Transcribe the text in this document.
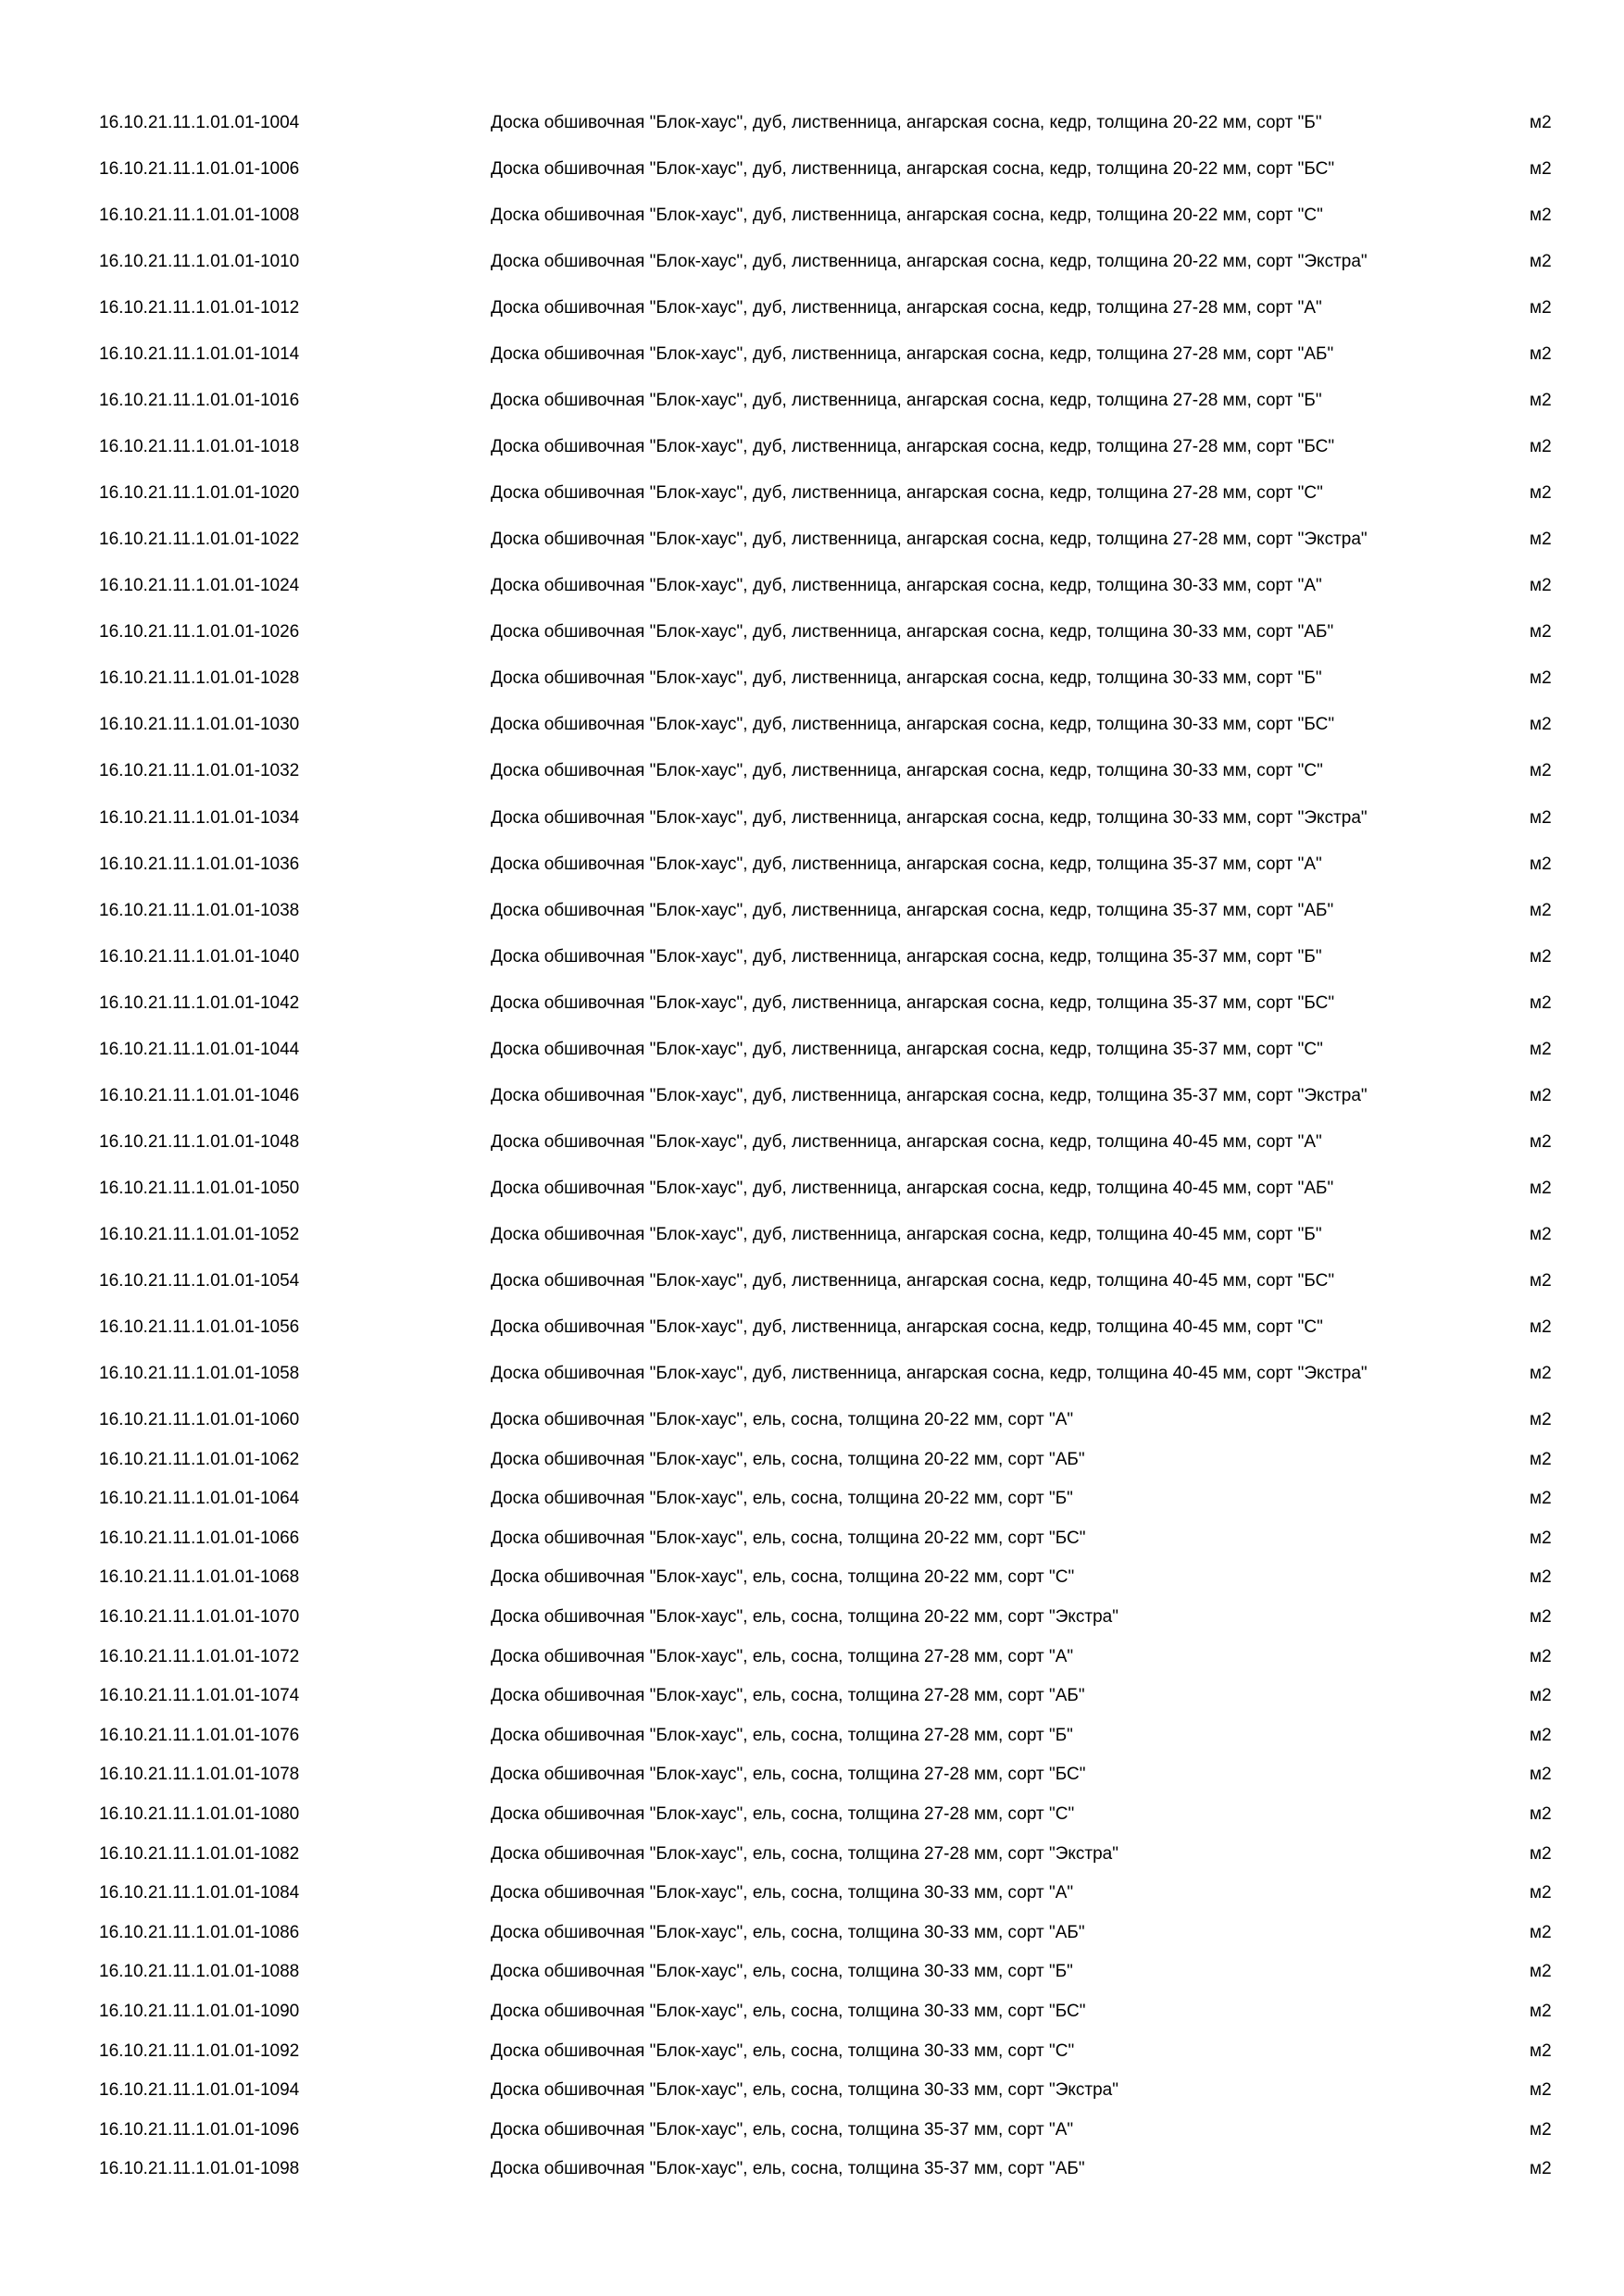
16.10.21.11.1.01.01-1004	Доска обшивочная "Блок-хаус", дуб, лиственница, ангарская сосна, кедр, толщина 20-22 мм, сорт "Б"	м2
16.10.21.11.1.01.01-1006	Доска обшивочная "Блок-хаус", дуб, лиственница, ангарская сосна, кедр, толщина 20-22 мм, сорт "БС"	м2
16.10.21.11.1.01.01-1008	Доска обшивочная "Блок-хаус", дуб, лиственница, ангарская сосна, кедр, толщина 20-22 мм, сорт "С"	м2
16.10.21.11.1.01.01-1010	Доска обшивочная "Блок-хаус", дуб, лиственница, ангарская сосна, кедр, толщина 20-22 мм, сорт "Экстра"	м2
16.10.21.11.1.01.01-1012	Доска обшивочная "Блок-хаус", дуб, лиственница, ангарская сосна, кедр, толщина 27-28 мм, сорт "А"	м2
16.10.21.11.1.01.01-1014	Доска обшивочная "Блок-хаус", дуб, лиственница, ангарская сосна, кедр, толщина 27-28 мм, сорт "АБ"	м2
16.10.21.11.1.01.01-1016	Доска обшивочная "Блок-хаус", дуб, лиственница, ангарская сосна, кедр, толщина 27-28 мм, сорт "Б"	м2
16.10.21.11.1.01.01-1018	Доска обшивочная "Блок-хаус", дуб, лиственница, ангарская сосна, кедр, толщина 27-28 мм, сорт "БС"	м2
16.10.21.11.1.01.01-1020	Доска обшивочная "Блок-хаус", дуб, лиственница, ангарская сосна, кедр, толщина 27-28 мм, сорт "С"	м2
16.10.21.11.1.01.01-1022	Доска обшивочная "Блок-хаус", дуб, лиственница, ангарская сосна, кедр, толщина 27-28 мм, сорт "Экстра"	м2
16.10.21.11.1.01.01-1024	Доска обшивочная "Блок-хаус", дуб, лиственница, ангарская сосна, кедр, толщина 30-33 мм, сорт "А"	м2
16.10.21.11.1.01.01-1026	Доска обшивочная "Блок-хаус", дуб, лиственница, ангарская сосна, кедр, толщина 30-33 мм, сорт "АБ"	м2
16.10.21.11.1.01.01-1028	Доска обшивочная "Блок-хаус", дуб, лиственница, ангарская сосна, кедр, толщина 30-33 мм, сорт "Б"	м2
16.10.21.11.1.01.01-1030	Доска обшивочная "Блок-хаус", дуб, лиственница, ангарская сосна, кедр, толщина 30-33 мм, сорт "БС"	м2
16.10.21.11.1.01.01-1032	Доска обшивочная "Блок-хаус", дуб, лиственница, ангарская сосна, кедр, толщина 30-33 мм, сорт "С"	м2
16.10.21.11.1.01.01-1034	Доска обшивочная "Блок-хаус", дуб, лиственница, ангарская сосна, кедр, толщина 30-33 мм, сорт "Экстра"	м2
16.10.21.11.1.01.01-1036	Доска обшивочная "Блок-хаус", дуб, лиственница, ангарская сосна, кедр, толщина 35-37 мм, сорт "А"	м2
16.10.21.11.1.01.01-1038	Доска обшивочная "Блок-хаус", дуб, лиственница, ангарская сосна, кедр, толщина 35-37 мм, сорт "АБ"	м2
16.10.21.11.1.01.01-1040	Доска обшивочная "Блок-хаус", дуб, лиственница, ангарская сосна, кедр, толщина 35-37 мм, сорт "Б"	м2
16.10.21.11.1.01.01-1042	Доска обшивочная "Блок-хаус", дуб, лиственница, ангарская сосна, кедр, толщина 35-37 мм, сорт "БС"	м2
16.10.21.11.1.01.01-1044	Доска обшивочная "Блок-хаус", дуб, лиственница, ангарская сосна, кедр, толщина 35-37 мм, сорт "С"	м2
16.10.21.11.1.01.01-1046	Доска обшивочная "Блок-хаус", дуб, лиственница, ангарская сосна, кедр, толщина 35-37 мм, сорт "Экстра"	м2
16.10.21.11.1.01.01-1048	Доска обшивочная "Блок-хаус", дуб, лиственница, ангарская сосна, кедр, толщина 40-45 мм, сорт "А"	м2
16.10.21.11.1.01.01-1050	Доска обшивочная "Блок-хаус", дуб, лиственница, ангарская сосна, кедр, толщина 40-45 мм, сорт "АБ"	м2
16.10.21.11.1.01.01-1052	Доска обшивочная "Блок-хаус", дуб, лиственница, ангарская сосна, кедр, толщина 40-45 мм, сорт "Б"	м2
16.10.21.11.1.01.01-1054	Доска обшивочная "Блок-хаус", дуб, лиственница, ангарская сосна, кедр, толщина 40-45 мм, сорт "БС"	м2
16.10.21.11.1.01.01-1056	Доска обшивочная "Блок-хаус", дуб, лиственница, ангарская сосна, кедр, толщина 40-45 мм, сорт "С"	м2
16.10.21.11.1.01.01-1058	Доска обшивочная "Блок-хаус", дуб, лиственница, ангарская сосна, кедр, толщина 40-45 мм, сорт "Экстра"	м2
16.10.21.11.1.01.01-1060	Доска обшивочная "Блок-хаус", ель, сосна, толщина 20-22 мм, сорт "А"	м2
16.10.21.11.1.01.01-1062	Доска обшивочная "Блок-хаус", ель, сосна, толщина 20-22 мм, сорт "АБ"	м2
16.10.21.11.1.01.01-1064	Доска обшивочная "Блок-хаус", ель, сосна, толщина 20-22 мм, сорт "Б"	м2
16.10.21.11.1.01.01-1066	Доска обшивочная "Блок-хаус", ель, сосна, толщина 20-22 мм, сорт "БС"	м2
16.10.21.11.1.01.01-1068	Доска обшивочная "Блок-хаус", ель, сосна, толщина 20-22 мм, сорт "С"	м2
16.10.21.11.1.01.01-1070	Доска обшивочная "Блок-хаус", ель, сосна, толщина 20-22 мм, сорт "Экстра"	м2
16.10.21.11.1.01.01-1072	Доска обшивочная "Блок-хаус", ель, сосна, толщина 27-28 мм, сорт "А"	м2
16.10.21.11.1.01.01-1074	Доска обшивочная "Блок-хаус", ель, сосна, толщина 27-28 мм, сорт "АБ"	м2
16.10.21.11.1.01.01-1076	Доска обшивочная "Блок-хаус", ель, сосна, толщина 27-28 мм, сорт "Б"	м2
16.10.21.11.1.01.01-1078	Доска обшивочная "Блок-хаус", ель, сосна, толщина 27-28 мм, сорт "БС"	м2
16.10.21.11.1.01.01-1080	Доска обшивочная "Блок-хаус", ель, сосна, толщина 27-28 мм, сорт "С"	м2
16.10.21.11.1.01.01-1082	Доска обшивочная "Блок-хаус", ель, сосна, толщина 27-28 мм, сорт "Экстра"	м2
16.10.21.11.1.01.01-1084	Доска обшивочная "Блок-хаус", ель, сосна, толщина 30-33 мм, сорт "А"	м2
16.10.21.11.1.01.01-1086	Доска обшивочная "Блок-хаус", ель, сосна, толщина 30-33 мм, сорт "АБ"	м2
16.10.21.11.1.01.01-1088	Доска обшивочная "Блок-хаус", ель, сосна, толщина 30-33 мм, сорт "Б"	м2
16.10.21.11.1.01.01-1090	Доска обшивочная "Блок-хаус", ель, сосна, толщина 30-33 мм, сорт "БС"	м2
16.10.21.11.1.01.01-1092	Доска обшивочная "Блок-хаус", ель, сосна, толщина 30-33 мм, сорт "С"	м2
16.10.21.11.1.01.01-1094	Доска обшивочная "Блок-хаус", ель, сосна, толщина 30-33 мм, сорт "Экстра"	м2
16.10.21.11.1.01.01-1096	Доска обшивочная "Блок-хаус", ель, сосна, толщина 35-37 мм, сорт "А"	м2
16.10.21.11.1.01.01-1098	Доска обшивочная "Блок-хаус", ель, сосна, толщина 35-37 мм, сорт "АБ"	м2
